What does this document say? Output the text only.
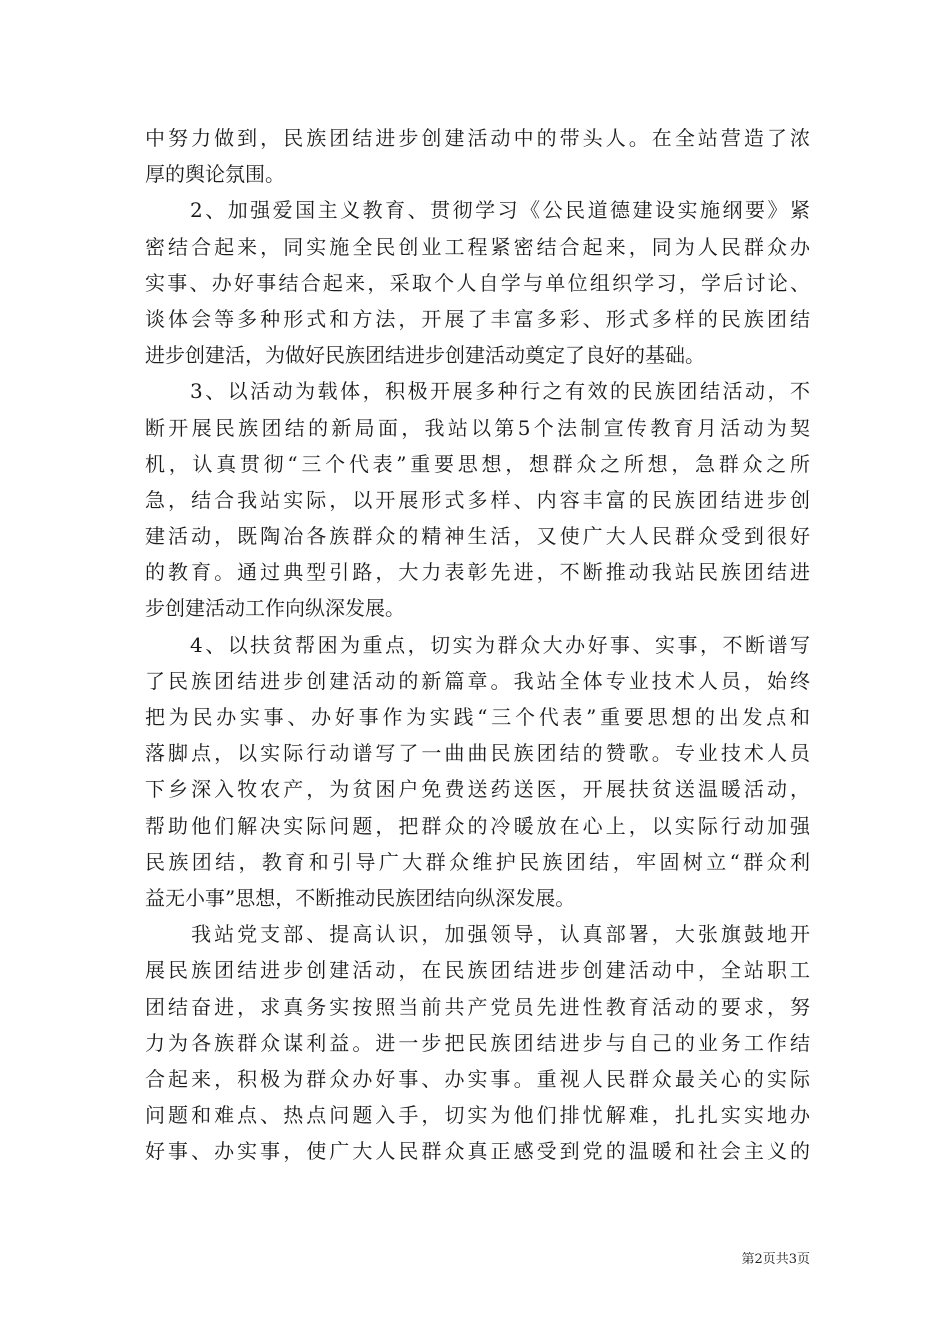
中努力做到，民族团结进步创建活动中的带头人。在全站营造了浓
厚的舆论氛围。
　　2、加强爱国主义教育、贯彻学习《公民道德建设实施纲要》紧
密结合起来，同实施全民创业工程紧密结合起来，同为人民群众办
实事、办好事结合起来，采取个人自学与单位组织学习，学后讨论、
谈体会等多种形式和方法，开展了丰富多彩、形式多样的民族团结
进步创建活，为做好民族团结进步创建活动奠定了良好的基础。
　　3、以活动为载体，积极开展多种行之有效的民族团结活动，不
断开展民族团结的新局面，我站以第5个法制宣传教育月活动为契
机，认真贯彻“三个代表”重要思想，想群众之所想，急群众之所
急，结合我站实际，以开展形式多样、内容丰富的民族团结进步创
建活动，既陶冶各族群众的精神生活，又使广大人民群众受到很好
的教育。通过典型引路，大力表彰先进，不断推动我站民族团结进
步创建活动工作向纵深发展。
　　4、以扶贫帮困为重点，切实为群众大办好事、实事，不断谱写
了民族团结进步创建活动的新篇章。我站全体专业技术人员，始终
把为民办实事、办好事作为实践“三个代表”重要思想的出发点和
落脚点，以实际行动谱写了一曲曲民族团结的赞歌。专业技术人员
下乡深入牧农产，为贫困户免费送药送医，开展扶贫送温暖活动，
帮助他们解决实际问题，把群众的冷暖放在心上，以实际行动加强
民族团结，教育和引导广大群众维护民族团结，牢固树立“群众利
益无小事”思想，不断推动民族团结向纵深发展。
　　我站党支部、提高认识，加强领导，认真部署，大张旗鼓地开
展民族团结进步创建活动，在民族团结进步创建活动中，全站职工
团结奋进，求真务实按照当前共产党员先进性教育活动的要求，努
力为各族群众谋利益。进一步把民族团结进步与自己的业务工作结
合起来，积极为群众办好事、办实事。重视人民群众最关心的实际
问题和难点、热点问题入手，切实为他们排忧解难，扎扎实实地办
好事、办实事，使广大人民群众真正感受到党的温暖和社会主义的
第2页共3页
